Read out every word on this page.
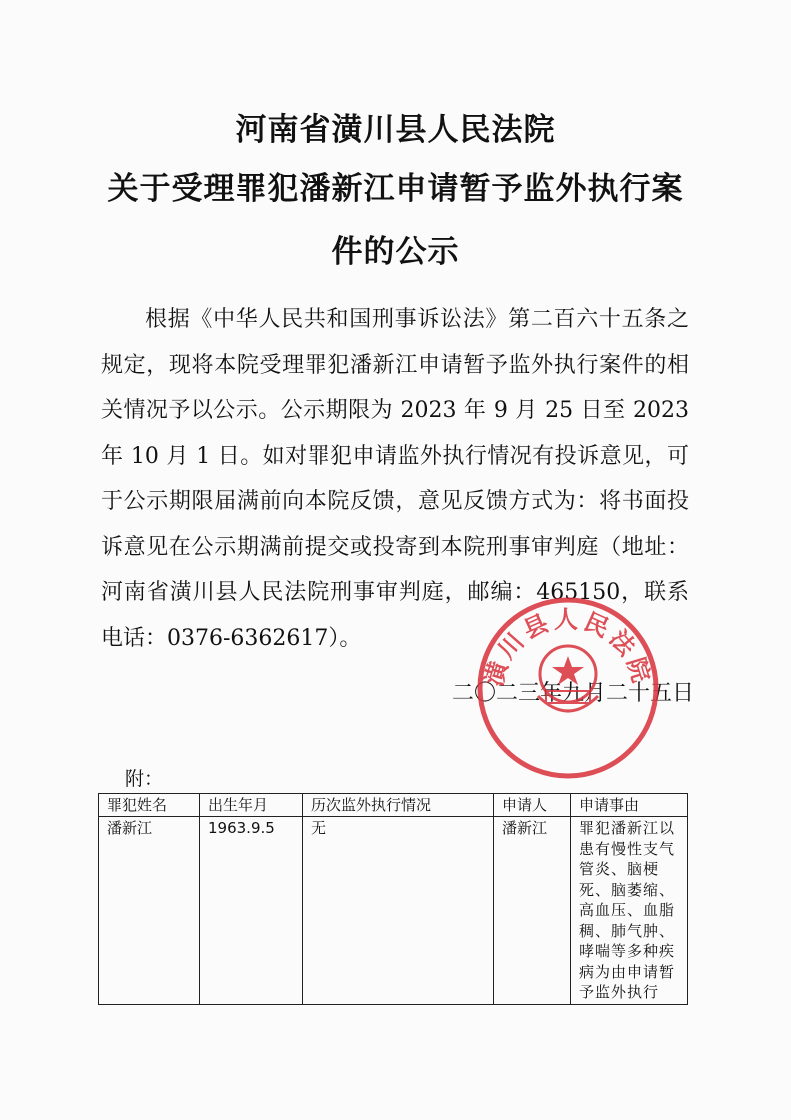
河南省潢川县人民法院
关于受理罪犯潘新江申请暂予监外执行案
件的公示
根据《中华人民共和国刑事诉讼法》第二百六十五条之规定，现将本院受理罪犯潘新江申请暂予监外执行案件的相关情况予以公示。公示期限为 2023 年 9 月 25 日至 2023 年 10 月 1 日。如对罪犯申请监外执行情况有投诉意见，可于公示期限届满前向本院反馈，意见反馈方式为：将书面投诉意见在公示期满前提交或投寄到本院刑事审判庭（地址：河南省潢川县人民法院刑事审判庭，邮编：465150，联系电话：0376-6362617）。
二〇二三年九月二十五日
潢川县人民法院
附：
罪犯姓名	出生年月	历次监外执行情况	申请人	申请事由
潘新江	1963.9.5	无	潘新江	罪犯潘新江以患有慢性支气管炎、脑梗死、脑萎缩、高血压、血脂稠、肺气肿、哮喘等多种疾病为由申请暂予监外执行
